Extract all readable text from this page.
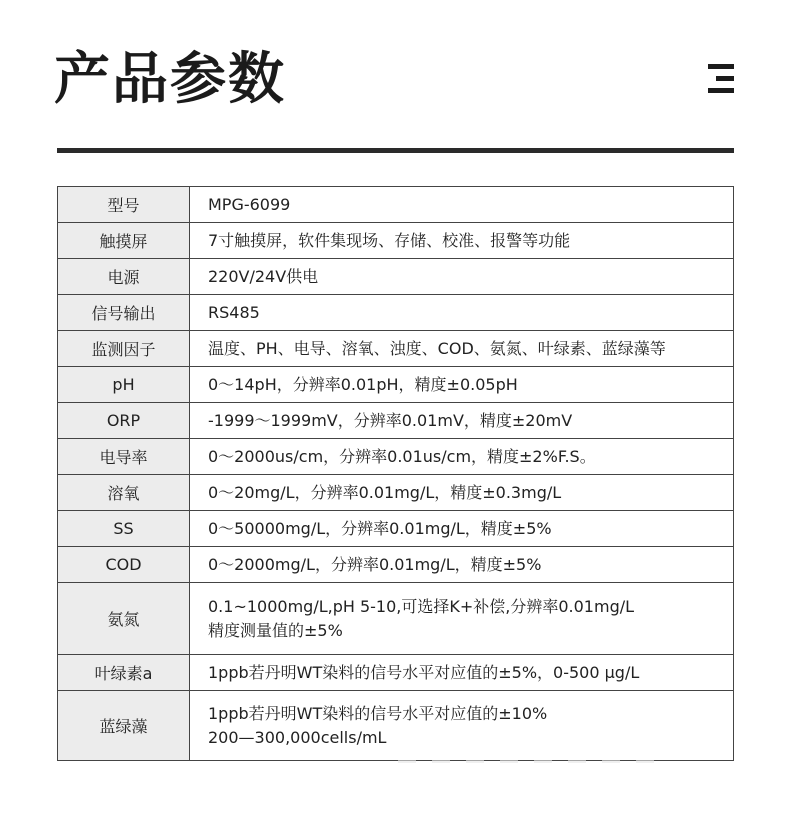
产品参数
型号	MPG-6099

触摸屏	7寸触摸屏，软件集现场、存储、校准、报警等功能

电源	220V/24V供电

信号输出	RS485

监测因子	温度、PH、电导、溶氧、浊度、COD、氨氮、叶绿素、蓝绿藻等

pH	0～14pH，分辨率0.01pH，精度±0.05pH

ORP	-1999～1999mV，分辨率0.01mV，精度±20mV

电导率	0～2000us/cm，分辨率0.01us/cm，精度±2%F.S。

溶氧	0～20mg/L，分辨率0.01mg/L，精度±0.3mg/L

SS	0～50000mg/L，分辨率0.01mg/L，精度±5%

COD	0～2000mg/L，分辨率0.01mg/L，精度±5%

氨氮	0.1~1000mg/L,pH 5-10,可选择K+补偿,分辨率0.01mg/L
精度测量值的±5%

叶绿素a	1ppb若丹明WT染料的信号水平对应值的±5%，0-500 μg/L

蓝绿藻	1ppb若丹明WT染料的信号水平对应值的±10%
200—300,000cells/mL
